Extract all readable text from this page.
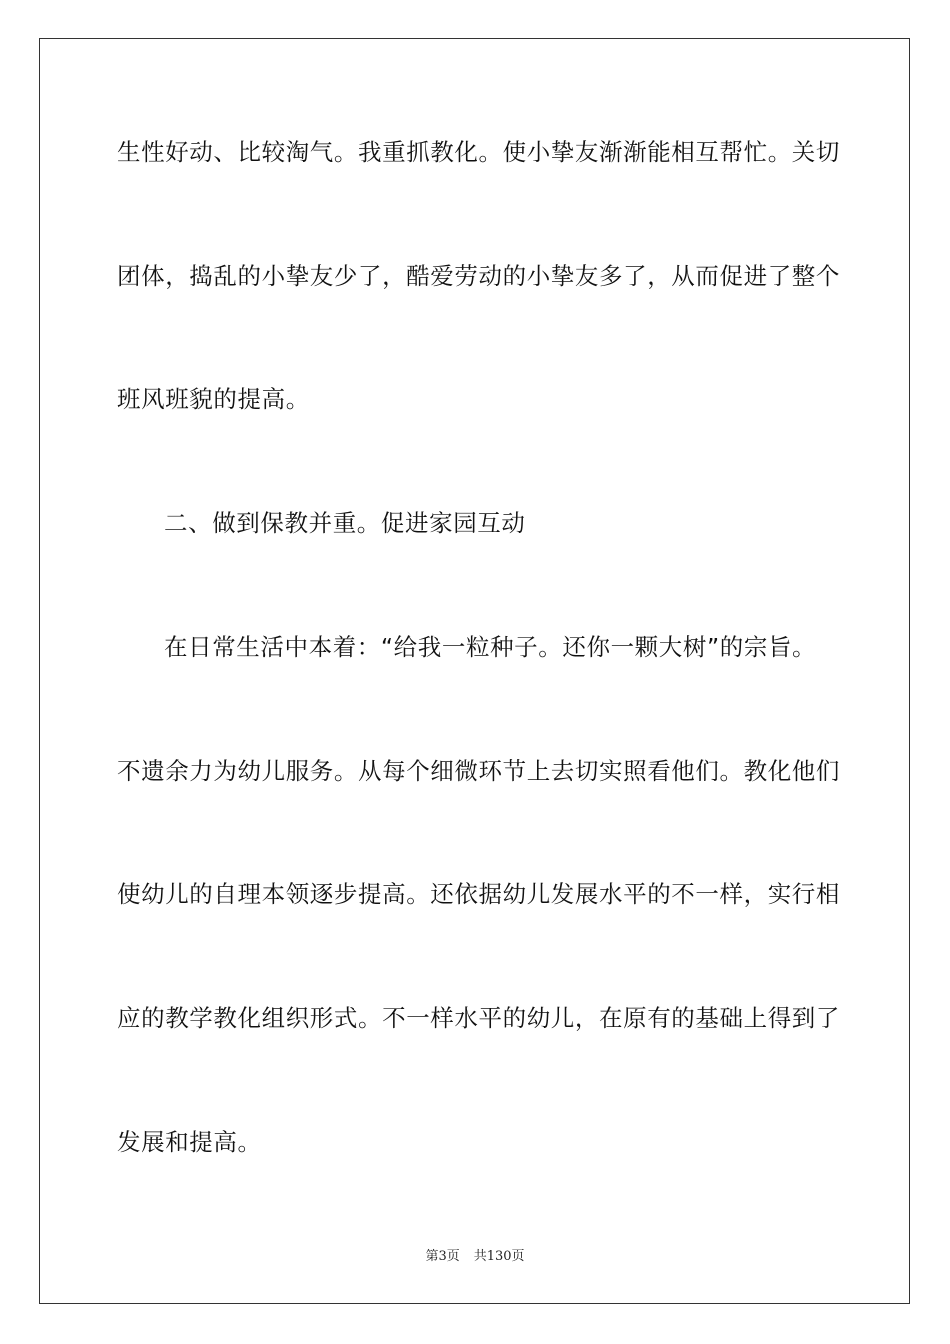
生性好动、比较淘气。我重抓教化。使小挚友渐渐能相互帮忙。关切
团体，捣乱的小挚友少了，酷爱劳动的小挚友多了，从而促进了整个
班风班貌的提高。
二、做到保教并重。促进家园互动
在日常生活中本着：“给我一粒种子。还你一颗大树”的宗旨。
不遗余力为幼儿服务。从每个细微环节上去切实照看他们。教化他们
使幼儿的自理本领逐步提高。还依据幼儿发展水平的不一样，实行相
应的教学教化组织形式。不一样水平的幼儿，在原有的基础上得到了
发展和提高。
第3页 共130页
